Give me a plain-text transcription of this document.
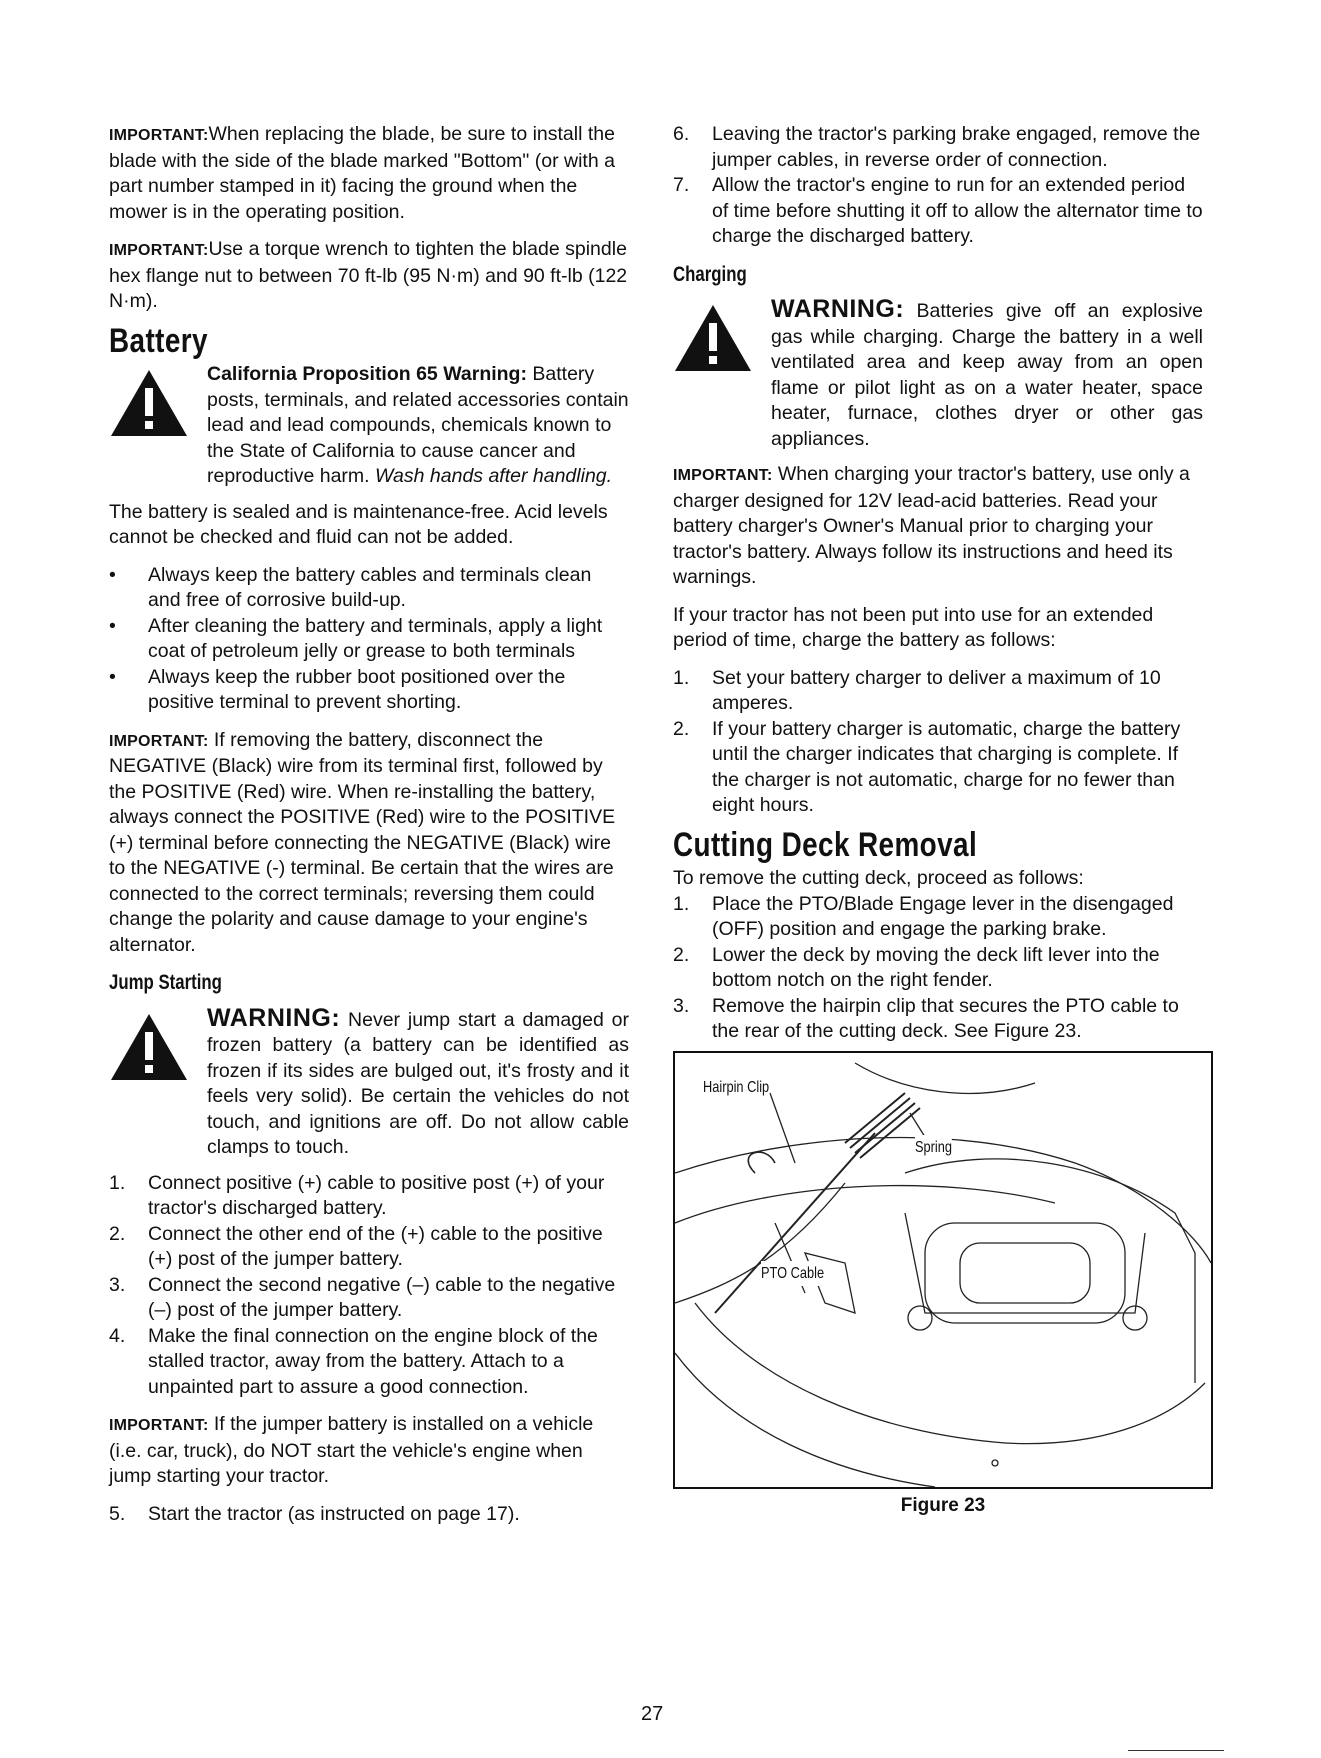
IMPORTANT:When replacing the blade, be sure to install the blade with the side of the blade marked "Bottom" (or with a part number stamped in it) facing the ground when the mower is in the operating position.

IMPORTANT:Use a torque wrench to tighten the blade spindle hex flange nut to between 70 ft-lb (95 N·m) and 90 ft-lb (122 N·m).

Battery
California Proposition 65 Warning: Battery posts, terminals, and related accessories contain lead and lead compounds, chemicals known to the State of California to cause cancer and reproductive harm. Wash hands after handling.

The battery is sealed and is maintenance-free. Acid levels cannot be checked and fluid can not be added.

• Always keep the battery cables and terminals clean and free of corrosive build-up.
• After cleaning the battery and terminals, apply a light coat of petroleum jelly or grease to both terminals
• Always keep the rubber boot positioned over the positive terminal to prevent shorting.

IMPORTANT: If removing the battery, disconnect the NEGATIVE (Black) wire from its terminal first, followed by the POSITIVE (Red) wire. When re-installing the battery, always connect the POSITIVE (Red) wire to the POSITIVE (+) terminal before connecting the NEGATIVE (Black) wire to the NEGATIVE (-) terminal. Be certain that the wires are connected to the correct terminals; reversing them could change the polarity and cause damage to your engine's alternator.

Jump Starting
WARNING: Never jump start a damaged or frozen battery (a battery can be identified as frozen if its sides are bulged out, it's frosty and it feels very solid). Be certain the vehicles do not touch, and ignitions are off. Do not allow cable clamps to touch.
1. Connect positive (+) cable to positive post (+) of your tractor's discharged battery.
2. Connect the other end of the (+) cable to the positive (+) post of the jumper battery.
3. Connect the second negative (–) cable to the negative (–) post of the jumper battery.
4. Make the final connection on the engine block of the stalled tractor, away from the battery. Attach to a unpainted part to assure a good connection.

IMPORTANT: If the jumper battery is installed on a vehicle (i.e. car, truck), do NOT start the vehicle's engine when jump starting your tractor.

5. Start the tractor (as instructed on page 17).
6. Leaving the tractor's parking brake engaged, remove the jumper cables, in reverse order of connection.
7. Allow the tractor's engine to run for an extended period of time before shutting it off to allow the alternator time to charge the discharged battery.
Charging
WARNING: Batteries give off an explosive gas while charging. Charge the battery in a well ventilated area and keep away from an open flame or pilot light as on a water heater, space heater, furnace, clothes dryer or other gas appliances.

IMPORTANT: When charging your tractor's battery, use only a charger designed for 12V lead-acid batteries. Read your battery charger's Owner's Manual prior to charging your tractor's battery. Always follow its instructions and heed its warnings.

If your tractor has not been put into use for an extended period of time, charge the battery as follows:

1. Set your battery charger to deliver a maximum of 10 amperes.
2. If your battery charger is automatic, charge the battery until the charger indicates that charging is complete. If the charger is not automatic, charge for no fewer than eight hours.
Cutting Deck Removal

To remove the cutting deck, proceed as follows:

1. Place the PTO/Blade Engage lever in the disengaged (OFF) position and engage the parking brake.
2. Lower the deck by moving the deck lift lever into the bottom notch on the right fender.
3. Remove the hairpin clip that secures the PTO cable to the rear of the cutting deck. See Figure 23.
Hairpin Clip
Spring
PTO Cable
Figure 23
27
